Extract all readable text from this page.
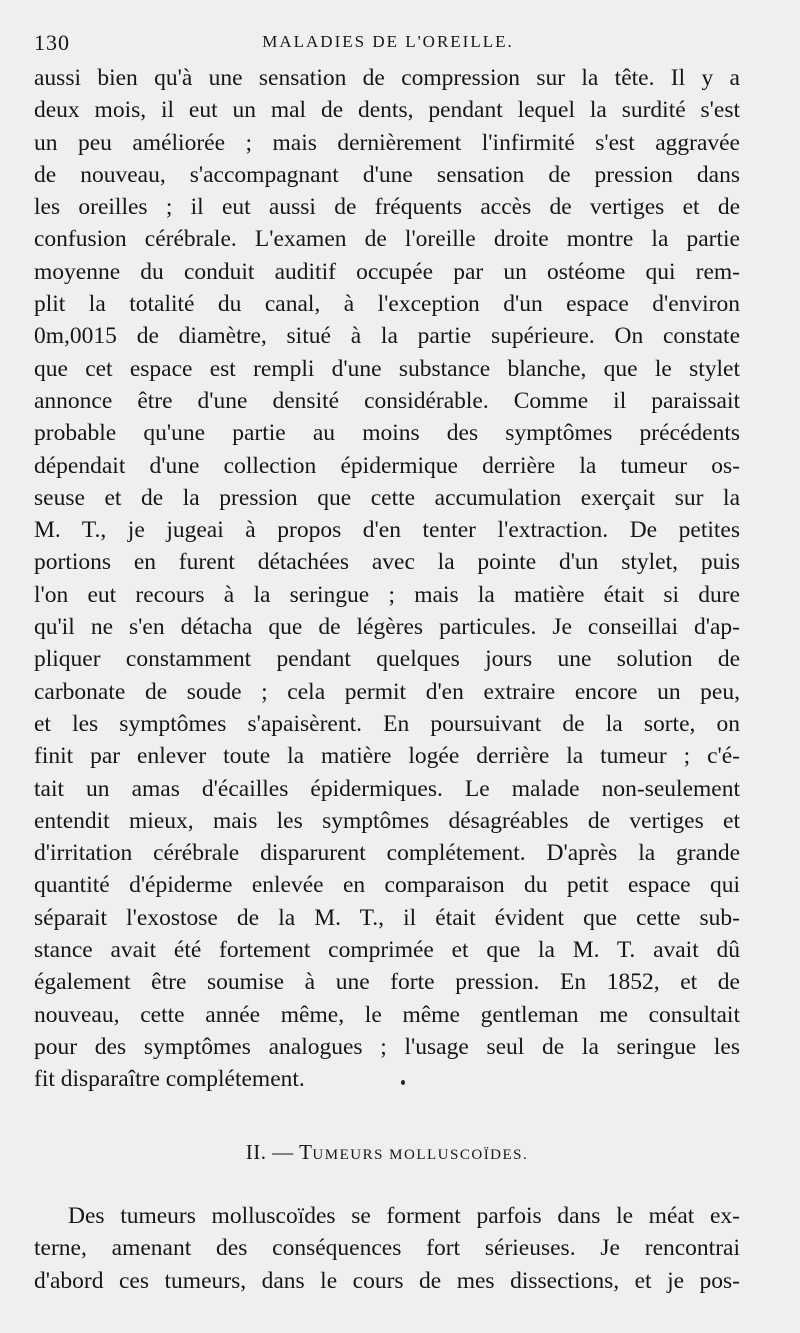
130	MALADIES DE L'OREILLE.
aussi bien qu'à une sensation de compression sur la tête. Il y a
deux mois, il eut un mal de dents, pendant lequel la surdité s'est
un peu améliorée ; mais dernièrement l'infirmité s'est aggravée
de nouveau, s'accompagnant d'une sensation de pression dans
les oreilles ; il eut aussi de fréquents accès de vertiges et de
confusion cérébrale. L'examen de l'oreille droite montre la partie
moyenne du conduit auditif occupée par un ostéome qui rem-
plit la totalité du canal, à l'exception d'un espace d'environ
0m,0015 de diamètre, situé à la partie supérieure. On constate
que cet espace est rempli d'une substance blanche, que le stylet
annonce être d'une densité considérable. Comme il paraissait
probable qu'une partie au moins des symptômes précédents
dépendait d'une collection épidermique derrière la tumeur os-
seuse et de la pression que cette accumulation exerçait sur la
M. T., je jugeai à propos d'en tenter l'extraction. De petites
portions en furent détachées avec la pointe d'un stylet, puis
l'on eut recours à la seringue ; mais la matière était si dure
qu'il ne s'en détacha que de légères particules. Je conseillai d'ap-
pliquer constamment pendant quelques jours une solution de
carbonate de soude ; cela permit d'en extraire encore un peu,
et les symptômes s'apaisèrent. En poursuivant de la sorte, on
finit par enlever toute la matière logée derrière la tumeur ; c'é-
tait un amas d'écailles épidermiques. Le malade non-seulement
entendit mieux, mais les symptômes désagréables de vertiges et
d'irritation cérébrale disparurent complétement. D'après la grande
quantité d'épiderme enlevée en comparaison du petit espace qui
séparait l'exostose de la M. T., il était évident que cette sub-
stance avait été fortement comprimée et que la M. T. avait dû
également être soumise à une forte pression. En 1852, et de
nouveau, cette année même, le même gentleman me consultait
pour des symptômes analogues ; l'usage seul de la seringue les
fit disparaître complétement.
II. — TUMEURS MOLLUSCOÏDES.
Des tumeurs molluscoïdes se forment parfois dans le méat ex-
terne, amenant des conséquences fort sérieuses. Je rencontrai
d'abord ces tumeurs, dans le cours de mes dissections, et je pos-
